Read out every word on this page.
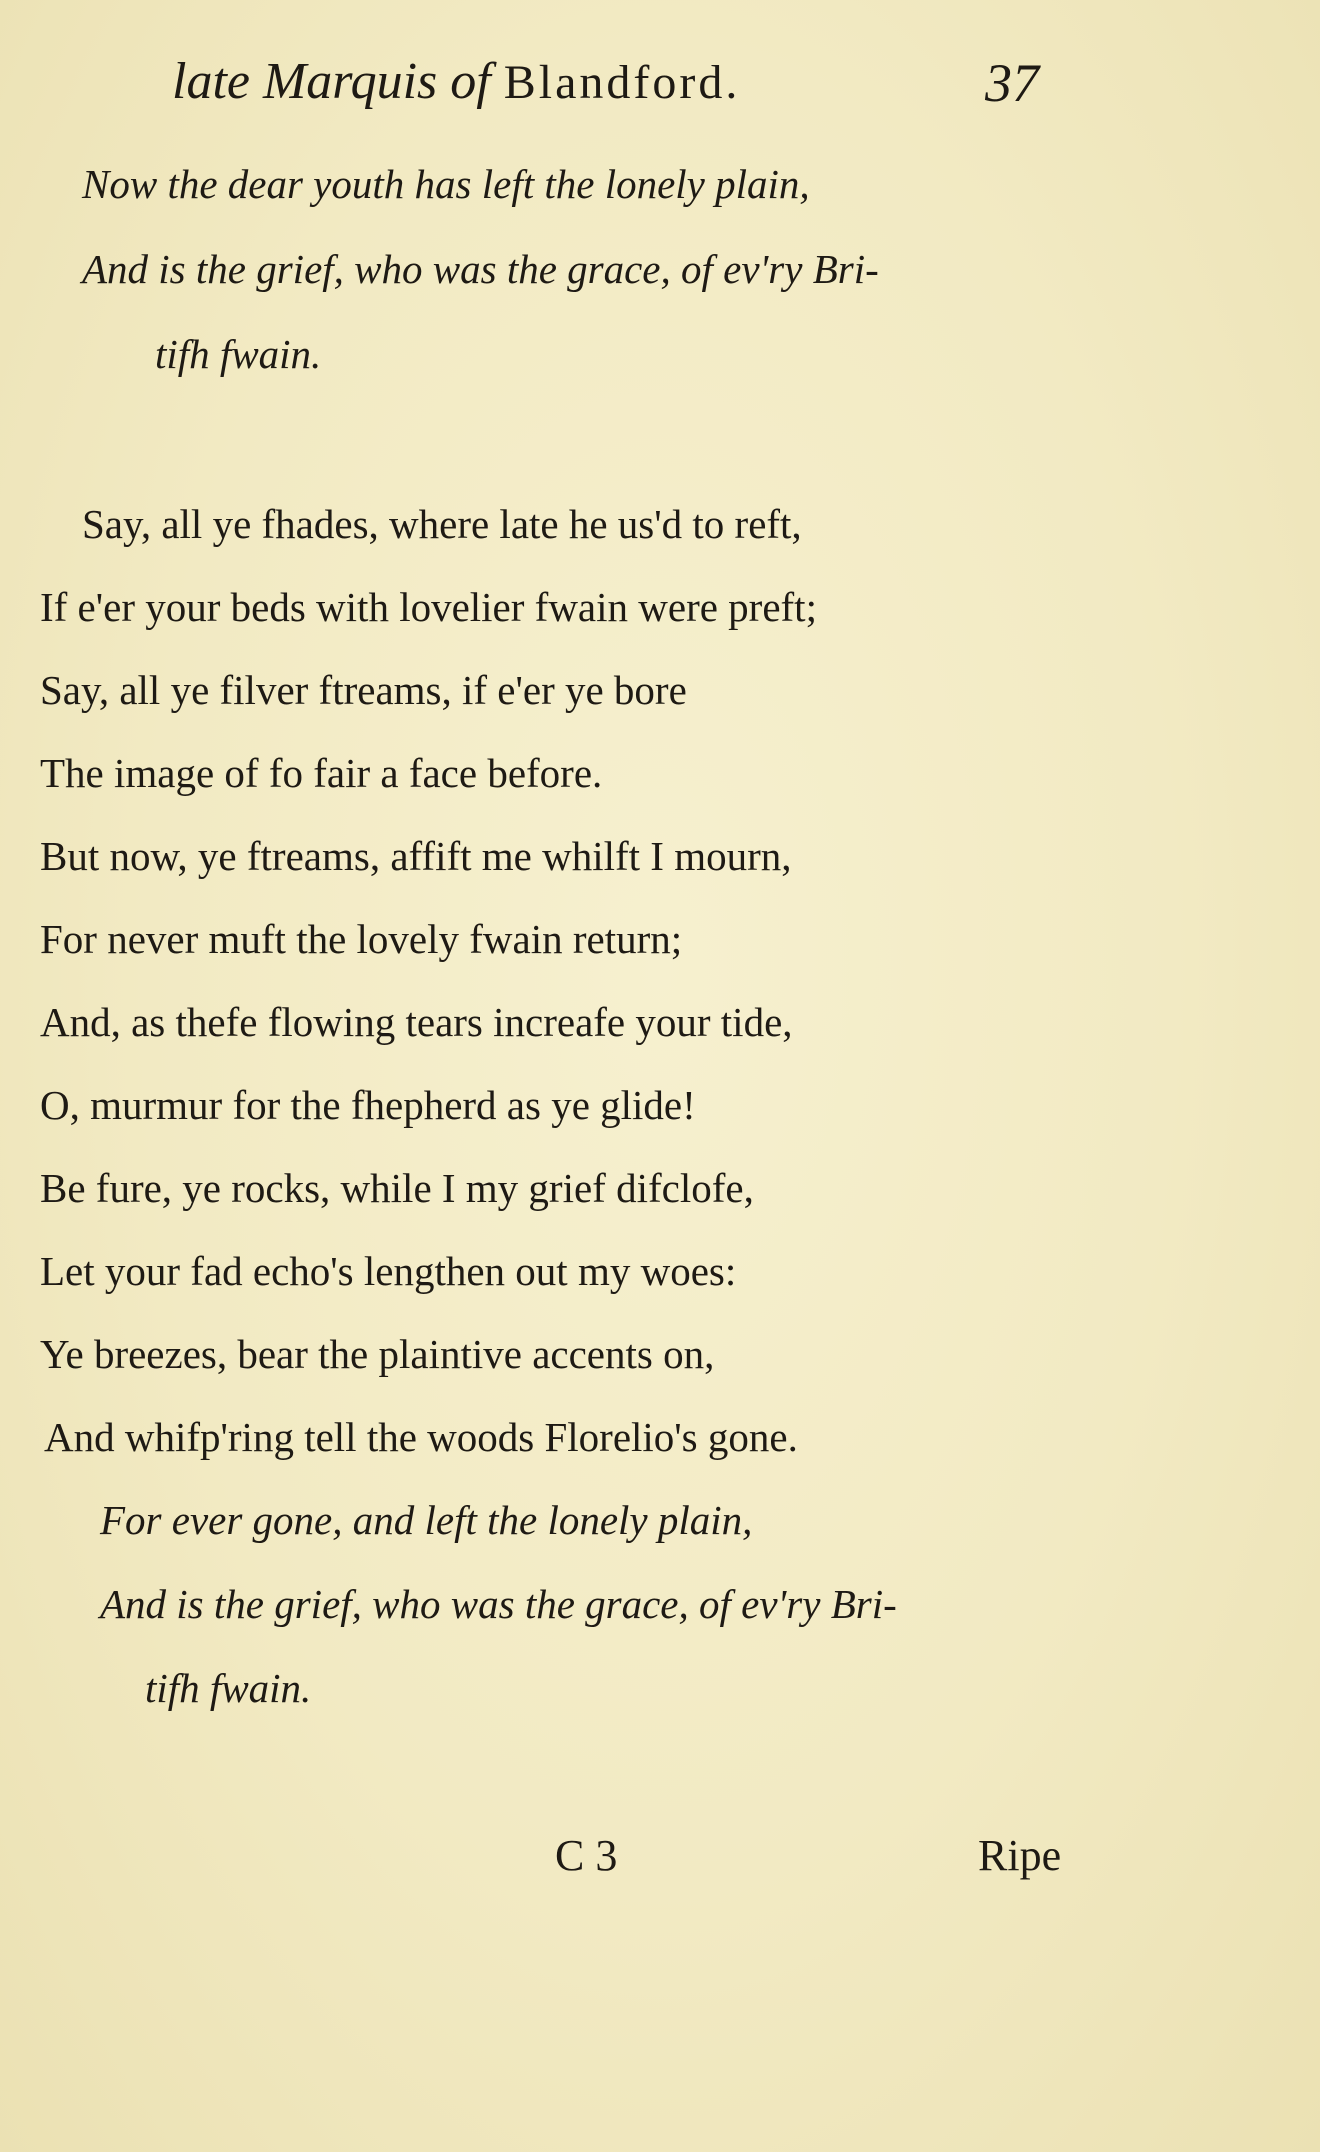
late Marquis of Blandford.	37
Now the dear youth has left the lonely plain,
And is the grief, who was the grace, of ev'ry Bri-
tifh fwain.
Say, all ye fhades, where late he us'd to reft,
If e'er your beds with lovelier fwain were preft;
Say, all ye filver ftreams, if e'er ye bore
The image of fo fair a face before.
But now, ye ftreams, affift me whilft I mourn,
For never muft the lovely fwain return;
And, as thefe flowing tears increafe your tide,
O, murmur for the fhepherd as ye glide!
Be fure, ye rocks, while I my grief difclofe,
Let your fad echo's lengthen out my woes:
Ye breezes, bear the plaintive accents on,
And whifp'ring tell the woods Florelio's gone.
For ever gone, and left the lonely plain,
And is the grief, who was the grace, of ev'ry Bri-
tifh fwain.
C 3	Ripe
